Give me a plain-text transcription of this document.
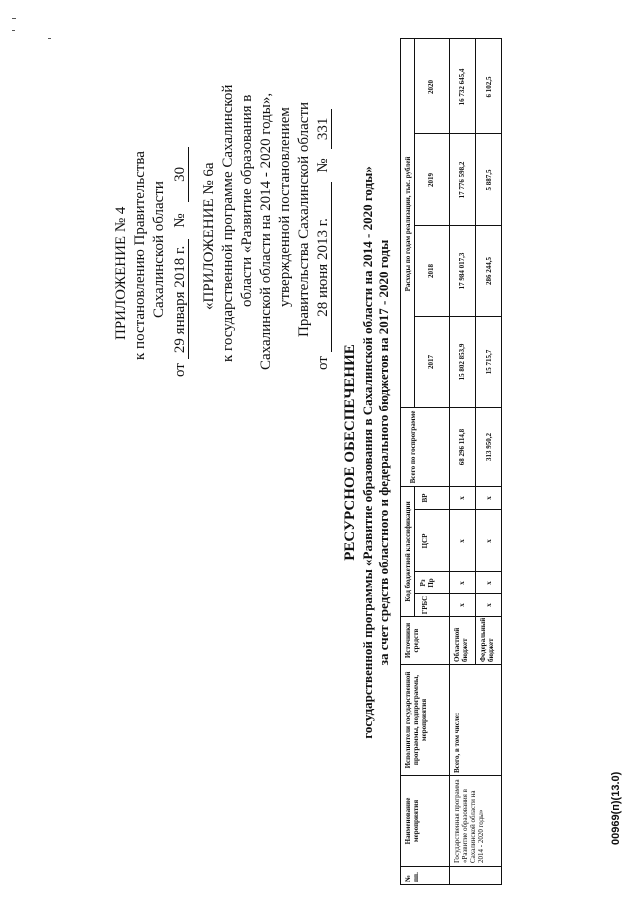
ПРИЛОЖЕНИЕ № 4 к постановлению Правительства Сахалинской области
от 29 января 2018 г. № 30 «ПРИЛОЖЕНИЕ № 6а к государственной программе Сахалинской области «Развитие образования в Сахалинской области на 2014 - 2020 годы», утвержденной постановлением Правительства Сахалинской области
от 28 июня 2013 г. № 331
РЕСУРСНОЕ ОБЕСПЕЧЕНИЕ государственной программы «Развитие образования в Сахалинской области на 2014 - 2020 годы» за счет средств областного и федерального бюджетов на 2017 - 2020 годы
№ пп.
Наименование мероприятия
Исполнители государственной программы, подпрограммы, мероприятия
Источники средств
Код бюджетной классификации
ГРБС
Рз Пр
ЦСР
ВР
Всего по госпрограмме
Расходы по годам реализации, тыс. рублей
2017
2018
2019
2020
Государственная программа «Развитие образования в Сахалинской области на 2014 - 2020 годы»
Всего, в том числе:
Областной бюджет
x
x
x
x
68 296 114,8
15 802 853,9
17 984 017,3
17 776 598,2
16 732 645,4
Федеральный бюджет
x
x
x
x
313 950,2
15 715,7
286 244,5
5 887,5
6 102,5
00969(п)(13.0)
